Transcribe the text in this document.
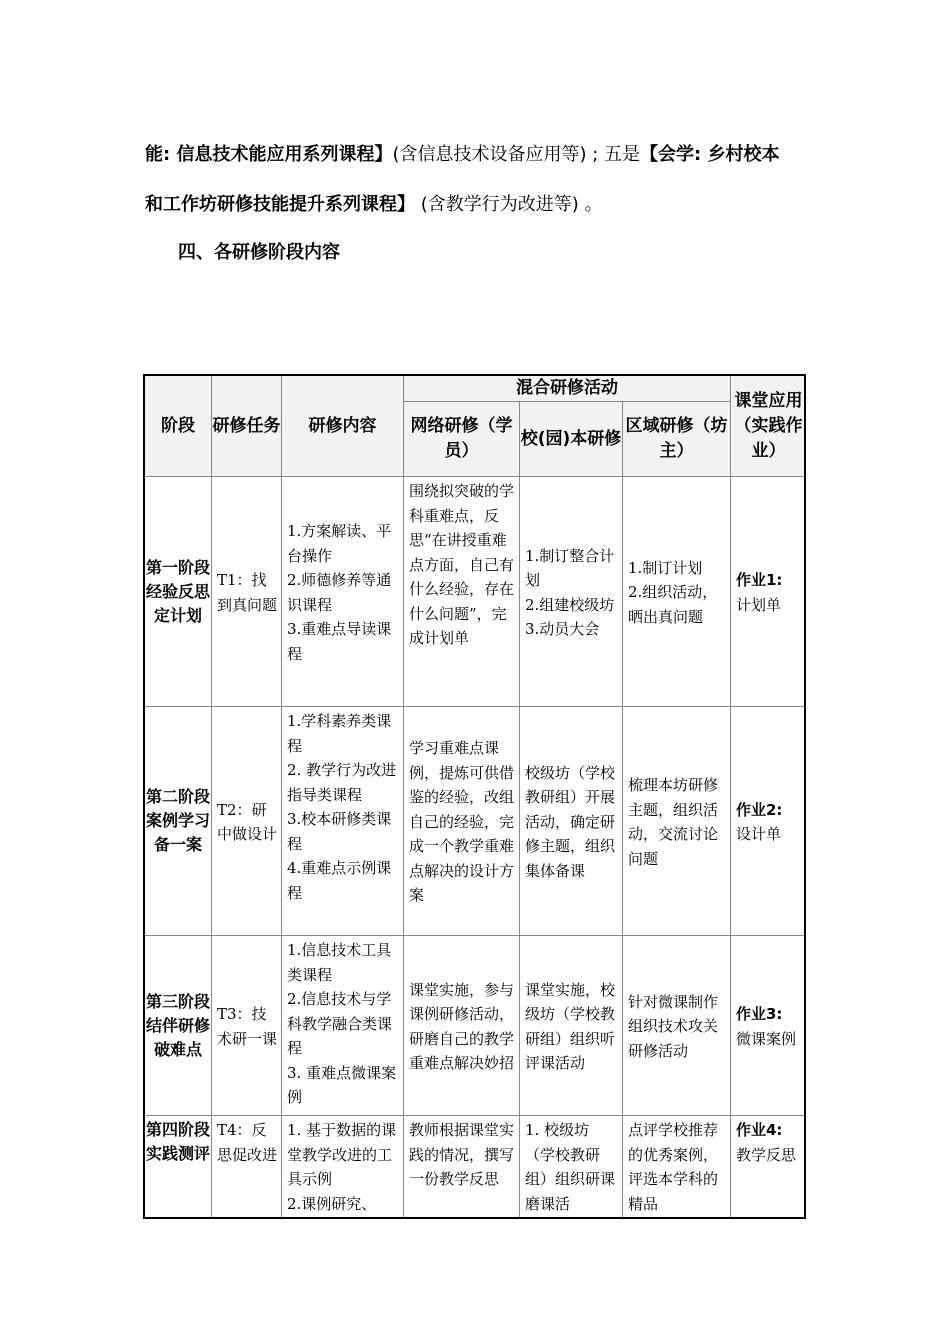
能: 信息技术能应用系列课程】(含信息技术设备应用等) ; 五是【会学: 乡村校本
和工作坊研修技能提升系列课程】 (含教学行为改进等) 。
四、各研修阶段内容
阶段 研修任务 研修内容
混合研修活动
网络研修（学员）
校(园)本研修
区域研修（坊主）
课堂应用（实践作业）
第一阶段
经验反思
定计划
T1：找到真问题
1.方案解读、平台操作
2.师德修养等通识课程
3.重难点导读课程
围绕拟突破的学科重难点，反思“在讲授重难点方面，自己有什么经验，存在什么问题”，完成计划单
1.制订整合计划
2.组建校级坊
3.动员大会
1.制订计划
2.组织活动，晒出真问题
作业1:
计划单
第二阶段
案例学习
备一案
T2：研中做设计
1.学科素养类课程
2. 教学行为改进指导类课程
3.校本研修类课程
4.重难点示例课程
学习重难点课例，提炼可供借鉴的经验，改组自己的经验，完成一个教学重难点解决的设计方案
校级坊（学校教研组）开展活动，确定研修主题，组织集体备课
梳理本坊研修主题，组织活动，交流讨论问题
作业2:
设计单
第三阶段
结伴研修
破难点
T3：技术研一课
1.信息技术工具类课程
2.信息技术与学科教学融合类课程
3. 重难点微课案例
课堂实施，参与课例研修活动，研磨自己的教学重难点解决妙招
课堂实施，校级坊（学校教研组）组织听评课活动
针对微课制作组织技术攻关研修活动
作业3:
微课案例
第四阶段
实践测评
T4：反思促改进
1. 基于数据的课堂教学改进的工具示例
2.课例研究、
教师根据课堂实践的情况，撰写一份教学反思
1. 校级坊（学校教研组）组织研课磨课活
点评学校推荐的优秀案例，评选本学科的精品
作业4:
教学反思
